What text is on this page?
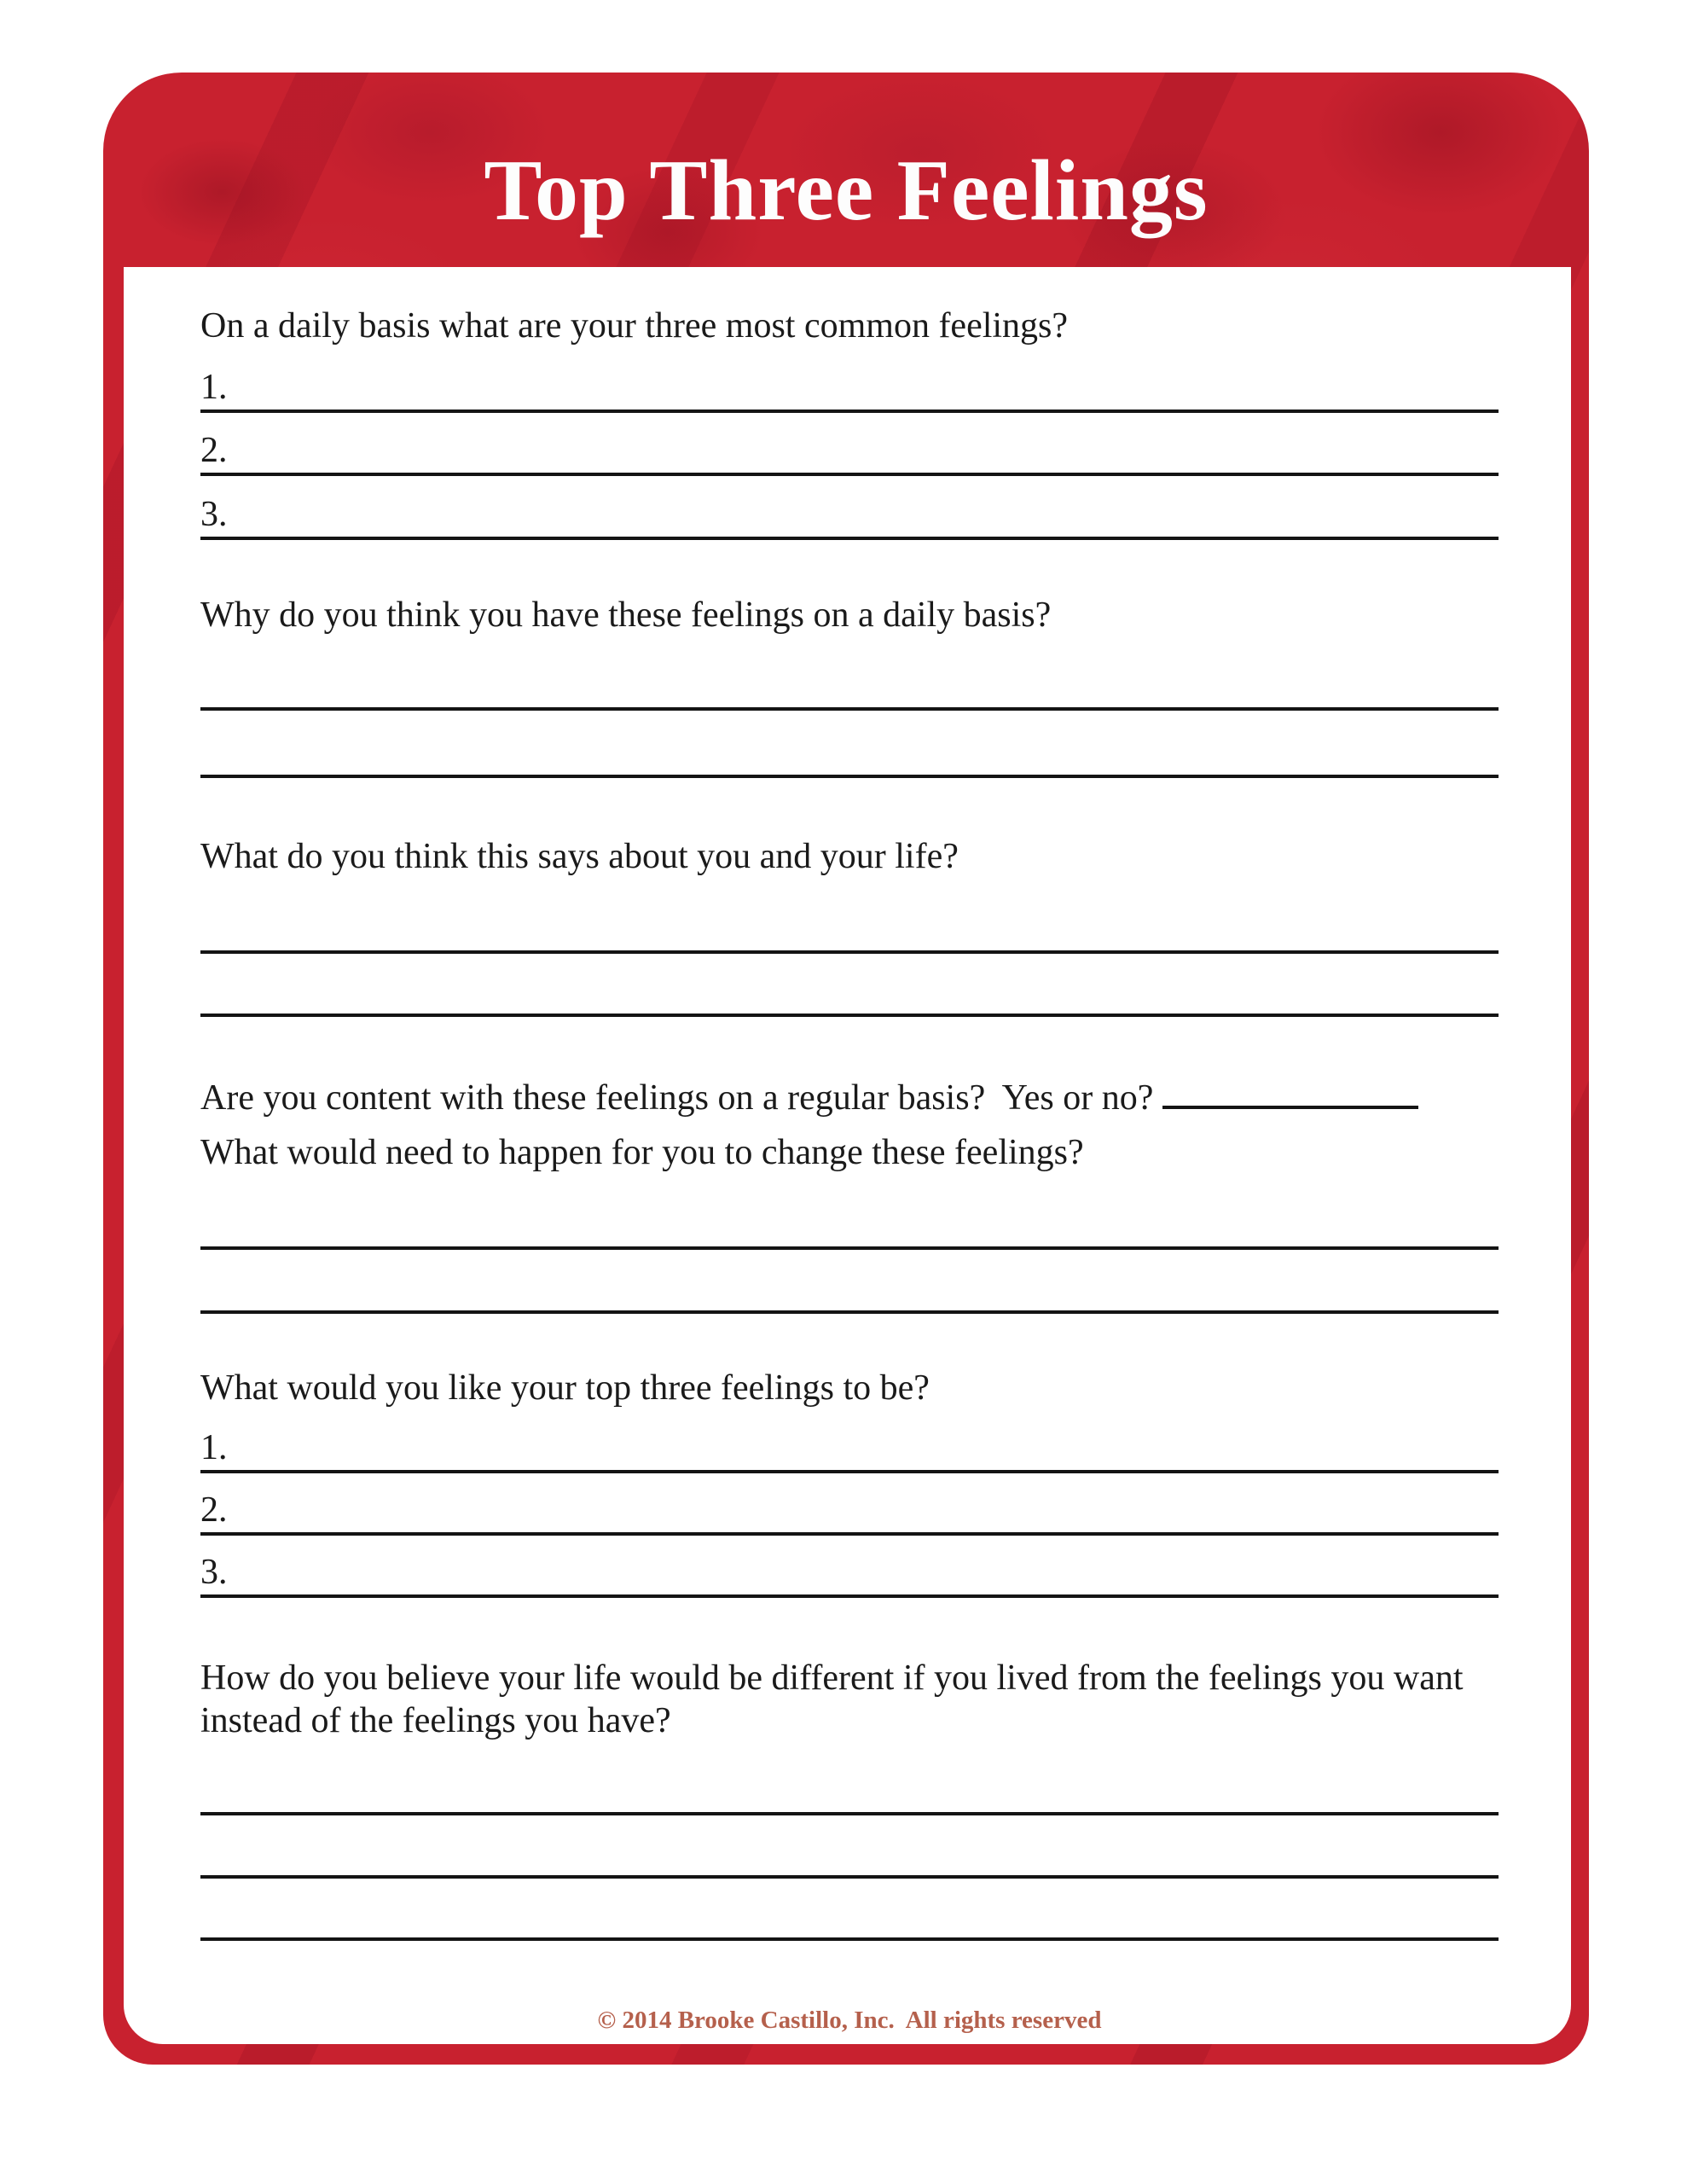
Top Three Feelings

On a daily basis what are your three most common feelings?

1.
2.
3.

Why do you think you have these feelings on a daily basis?

What do you think this says about you and your life?

Are you content with these feelings on a regular basis?  Yes or no?

What would need to happen for you to change these feelings?

What would you like your top three feelings to be?

1.
2.
3.

How do you believe your life would be different if you lived from the feelings you want instead of the feelings you have?

© 2014 Brooke Castillo, Inc.  All rights reserved
